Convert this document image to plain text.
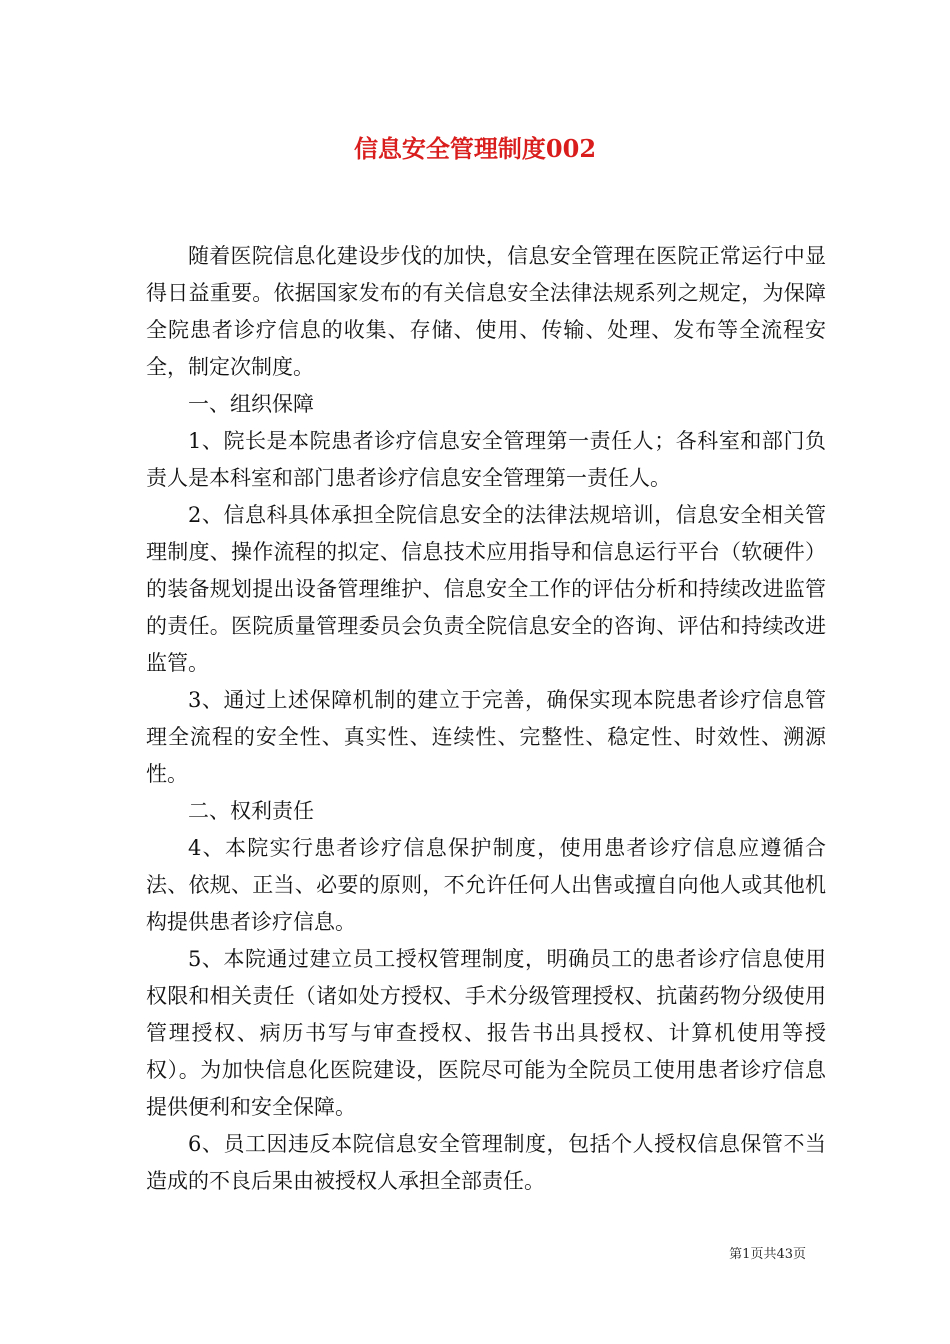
信息安全管理制度002

随着医院信息化建设步伐的加快，信息安全管理在医院正常运行中显得日益重要。依据国家发布的有关信息安全法律法规系列之规定，为保障全院患者诊疗信息的收集、存储、使用、传输、处理、发布等全流程安全，制定次制度。

一、组织保障

1、院长是本院患者诊疗信息安全管理第一责任人；各科室和部门负责人是本科室和部门患者诊疗信息安全管理第一责任人。

2、信息科具体承担全院信息安全的法律法规培训，信息安全相关管理制度、操作流程的拟定、信息技术应用指导和信息运行平台（软硬件）的装备规划提出设备管理维护、信息安全工作的评估分析和持续改进监管的责任。医院质量管理委员会负责全院信息安全的咨询、评估和持续改进监管。

3、通过上述保障机制的建立于完善，确保实现本院患者诊疗信息管理全流程的安全性、真实性、连续性、完整性、稳定性、时效性、溯源性。

二、权利责任

4、本院实行患者诊疗信息保护制度，使用患者诊疗信息应遵循合法、依规、正当、必要的原则，不允许任何人出售或擅自向他人或其他机构提供患者诊疗信息。

5、本院通过建立员工授权管理制度，明确员工的患者诊疗信息使用权限和相关责任（诸如处方授权、手术分级管理授权、抗菌药物分级使用管理授权、病历书写与审查授权、报告书出具授权、计算机使用等授权）。为加快信息化医院建设，医院尽可能为全院员工使用患者诊疗信息提供便利和安全保障。

6、员工因违反本院信息安全管理制度，包括个人授权信息保管不当造成的不良后果由被授权人承担全部责任。

第1页共43页
